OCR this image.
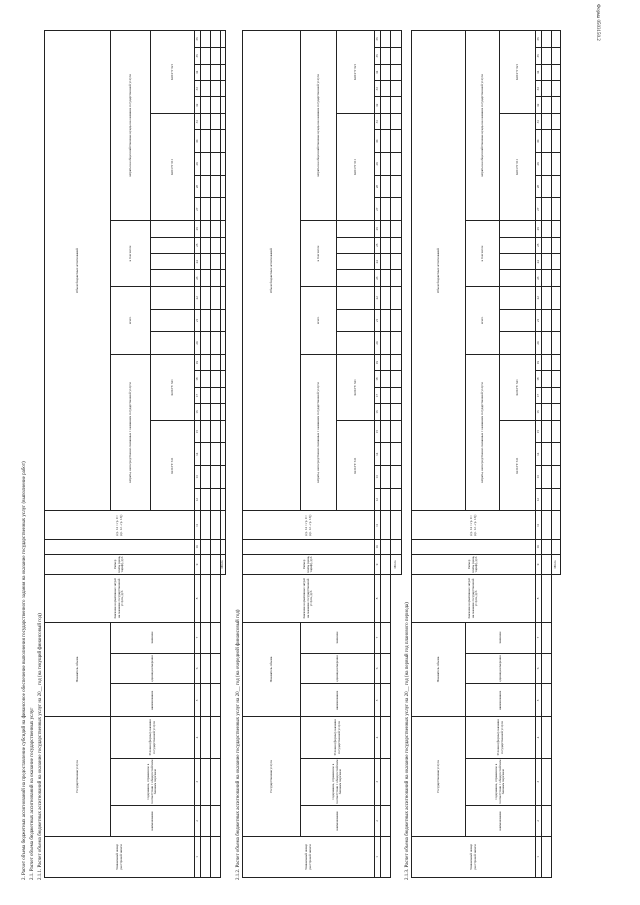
Форма 0503150.2
2. Расчет объема бюджетных ассигнований на предоставление субсидий на финансовое обеспечение выполнения государственного задания на оказание государственных услуг (выполнение работ) 2.1. Расчет объема бюджетных ассигнований на оказание государственных услуг 2.1.1. Расчет объема бюджетных ассигнований на оказание государственных услуг на 20__ год (на текущий финансовый год)	2.1.2. Расчет объема бюджетных ассигнований на оказание государственных услуг на 20__ год (на очередной финансовый год)	2.1.3. Расчет объема бюджетных ассигнований на оказание государственных услуг на 20__ год (на первый год планового периода)
Уникальный номер реестровой записи	Государственная услуга			Показатель объема			Значение нормативных затрат на оказание государственной услуги, руб	Размер платы (цена, тариф), руб		(гр. 14 = гр. 9 × (гр. 12 - гр. 13))	Объем бюджетных ассигнований																								
	наименование	содержание, отраженное в соответствии с общероссийским базовым перечнем	Условия (формы) оказания государственной услуги	наименование	единица измерения	значение					затраты, непосредственно связанные с оказанием государственной услуги								всего			в том числе				затраты на общехозяйственные нужды на оказание государственной услуги									
											КОСГУ 611				КОСГУ 621											КОСГУ 611					КОСГУ 621				
1	2	3	4	5	6	7	8	9	10	11	12	13	14	15	16	17	18	19	20	21	22	23	24	25	26	27	28	29	30	31	32	33	34	35	36

								Итого																											
Уникальный номер реестровой записи	Государственная услуга			Показатель объема			Значение нормативных затрат на оказание государственной услуги, руб	Размер платы (цена, тариф), руб		(гр. 14 = гр. 9 × (гр. 12 - гр. 13))	Объем бюджетных ассигнований																								
	наименование	содержание, отраженное в соответствии с общероссийским базовым перечнем	Условия (формы) оказания государственной услуги	наименование	единица измерения	значение					затраты, непосредственно связанные с оказанием государственной услуги								всего			в том числе				затраты на общехозяйственные нужды на оказание государственной услуги									
											КОСГУ 611				КОСГУ 621											КОСГУ 611					КОСГУ 621				
1	2	3	4	5	6	7	8	9	10	11	12	13	14	15	16	17	18	19	20	21	22	23	24	25	26	27	28	29	30	31	32	33	34	35	36

								Итого																											
Уникальный номер реестровой записи	Государственная услуга			Показатель объема			Значение нормативных затрат на оказание государственной услуги, руб	Размер платы (цена, тариф), руб		(гр. 14 = гр. 9 × (гр. 12 - гр. 13))	Объем бюджетных ассигнований																								
	наименование	содержание, отраженное в соответствии с общероссийским базовым перечнем	Условия (формы) оказания государственной услуги	наименование	единица измерения	значение					затраты, непосредственно связанные с оказанием государственной услуги								всего			в том числе				затраты на общехозяйственные нужды на оказание государственной услуги									
											КОСГУ 611				КОСГУ 621											КОСГУ 611					КОСГУ 621				
1	2	3	4	5	6	7	8	9	10	11	12	13	14	15	16	17	18	19	20	21	22	23	24	25	26	27	28	29	30	31	32	33	34	35	36

								Итого																											
